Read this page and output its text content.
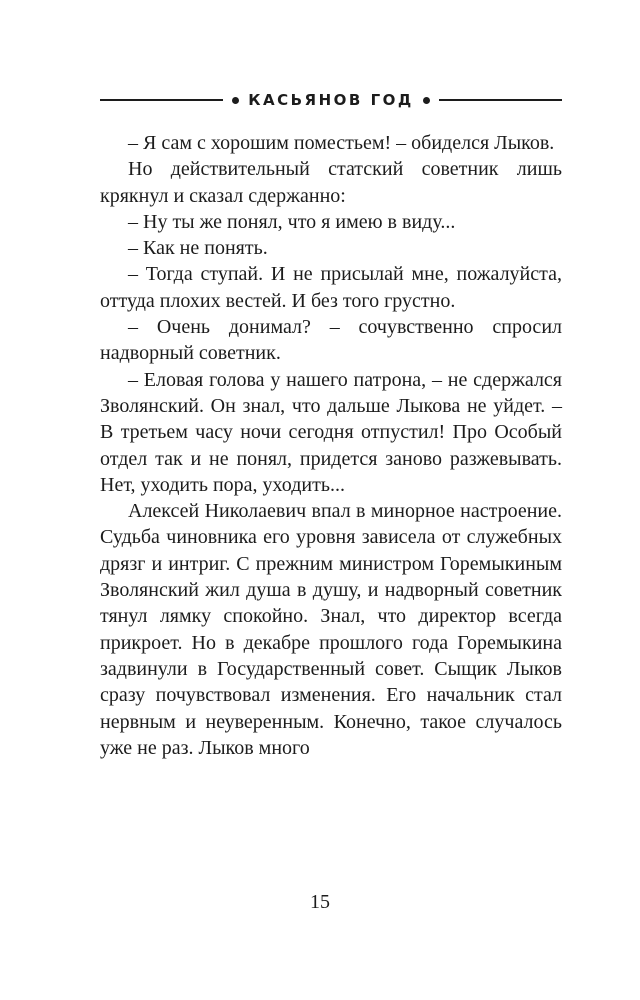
КАСЬЯНОВ ГОД

– Я сам с хорошим поместьем! – обиделся Лыков.

Но действительный статский советник лишь крякнул и сказал сдержанно:

– Ну ты же понял, что я имею в виду...

– Как не понять.

– Тогда ступай. И не присылай мне, пожалуйста, оттуда плохих вестей. И без того грустно.

– Очень донимал? – сочувственно спросил надворный советник.

– Еловая голова у нашего патрона, – не сдержался Зволянский. Он знал, что дальше Лыкова не уйдет. – В третьем часу ночи сегодня отпустил! Про Особый отдел так и не понял, придется заново разжевывать. Нет, уходить пора, уходить...

Алексей Николаевич впал в минорное настроение. Судьба чиновника его уровня зависела от служебных дрязг и интриг. С прежним министром Горемыкиным Зволянский жил душа в душу, и надворный советник тянул лямку спокойно. Знал, что директор всегда прикроет. Но в декабре прошлого года Горемыкина задвинули в Государственный совет. Сыщик Лыков сразу почувствовал изменения. Его начальник стал нервным и неуверенным. Конечно, такое случалось уже не раз. Лыков много

15
